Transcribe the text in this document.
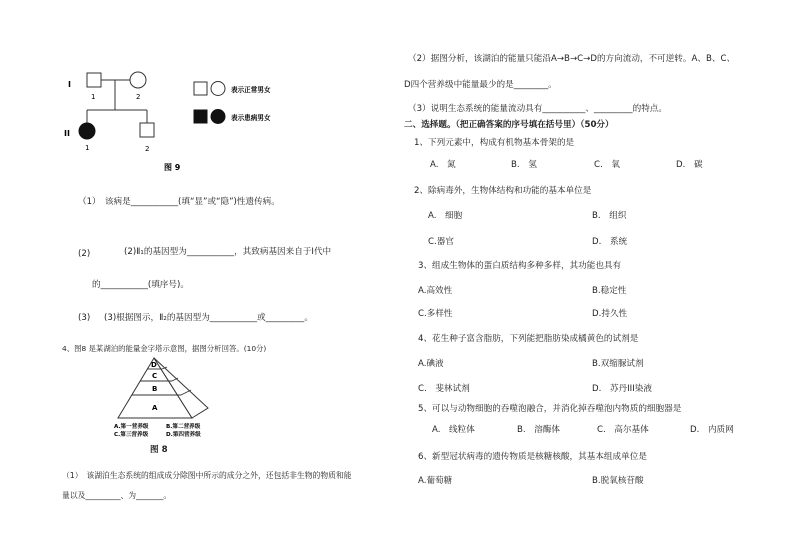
I
1	2
II
1	2
表示正常男女
表示患病男女
图 9
（1）　该病是___________(填“显”或“隐”)性遗传病。
(2)	(2)Ⅱ₁的基因型为___________，其致病基因来自于Ⅰ代中
的___________(填序号)。
(3) (3)根据图示，Ⅱ₂的基因型为___________或_________。
4、图8 是某湖泊的能量金字塔示意图，据图分析回答。(10分)
D
C
B
A
A.第一营养级	B.第二营养级
C.第三营养级	D.第四营养级
图 8
（1）　该湖泊生态系统的组成成分除图中所示的成分之外，还包括非生物的物质和能
量以及_________、为_______。
（2）据图分析，该湖泊的能量只能沿A→B→C→D的方向流动，不可逆转。A、B、C、
D四个营养级中能量最少的是________。
（3）说明生态系统的能量流动具有__________、_________的特点。
二、选择题。（把正确答案的序号填在括号里）（50分）
1、下列元素中，构成有机物基本骨架的是
A.　氮	B.　氢	C.　氧	D.　碳
2、除病毒外，生物体结构和功能的基本单位是
A.　细胞	B.　组织
C.器官	D.　系统
3、组成生物体的蛋白质结构多种多样，其功能也具有
A.高效性	B.稳定性
C.多样性	D.持久性
4、花生种子富含脂肪，下列能把脂肪染成橘黄色的试剂是
A.碘液	B.双缩脲试剂
C.　斐林试剂	D.　苏丹III染液
5、可以与动物细胞的吞噬泡融合，并消化掉吞噬泡内物质的细胞器是
A.　线粒体	B.　溶酶体	C.　高尔基体	D.　内质网
6、新型冠状病毒的遗传物质是核糖核酸，其基本组成单位是
A.葡萄糖	B.脱氧核苷酸
